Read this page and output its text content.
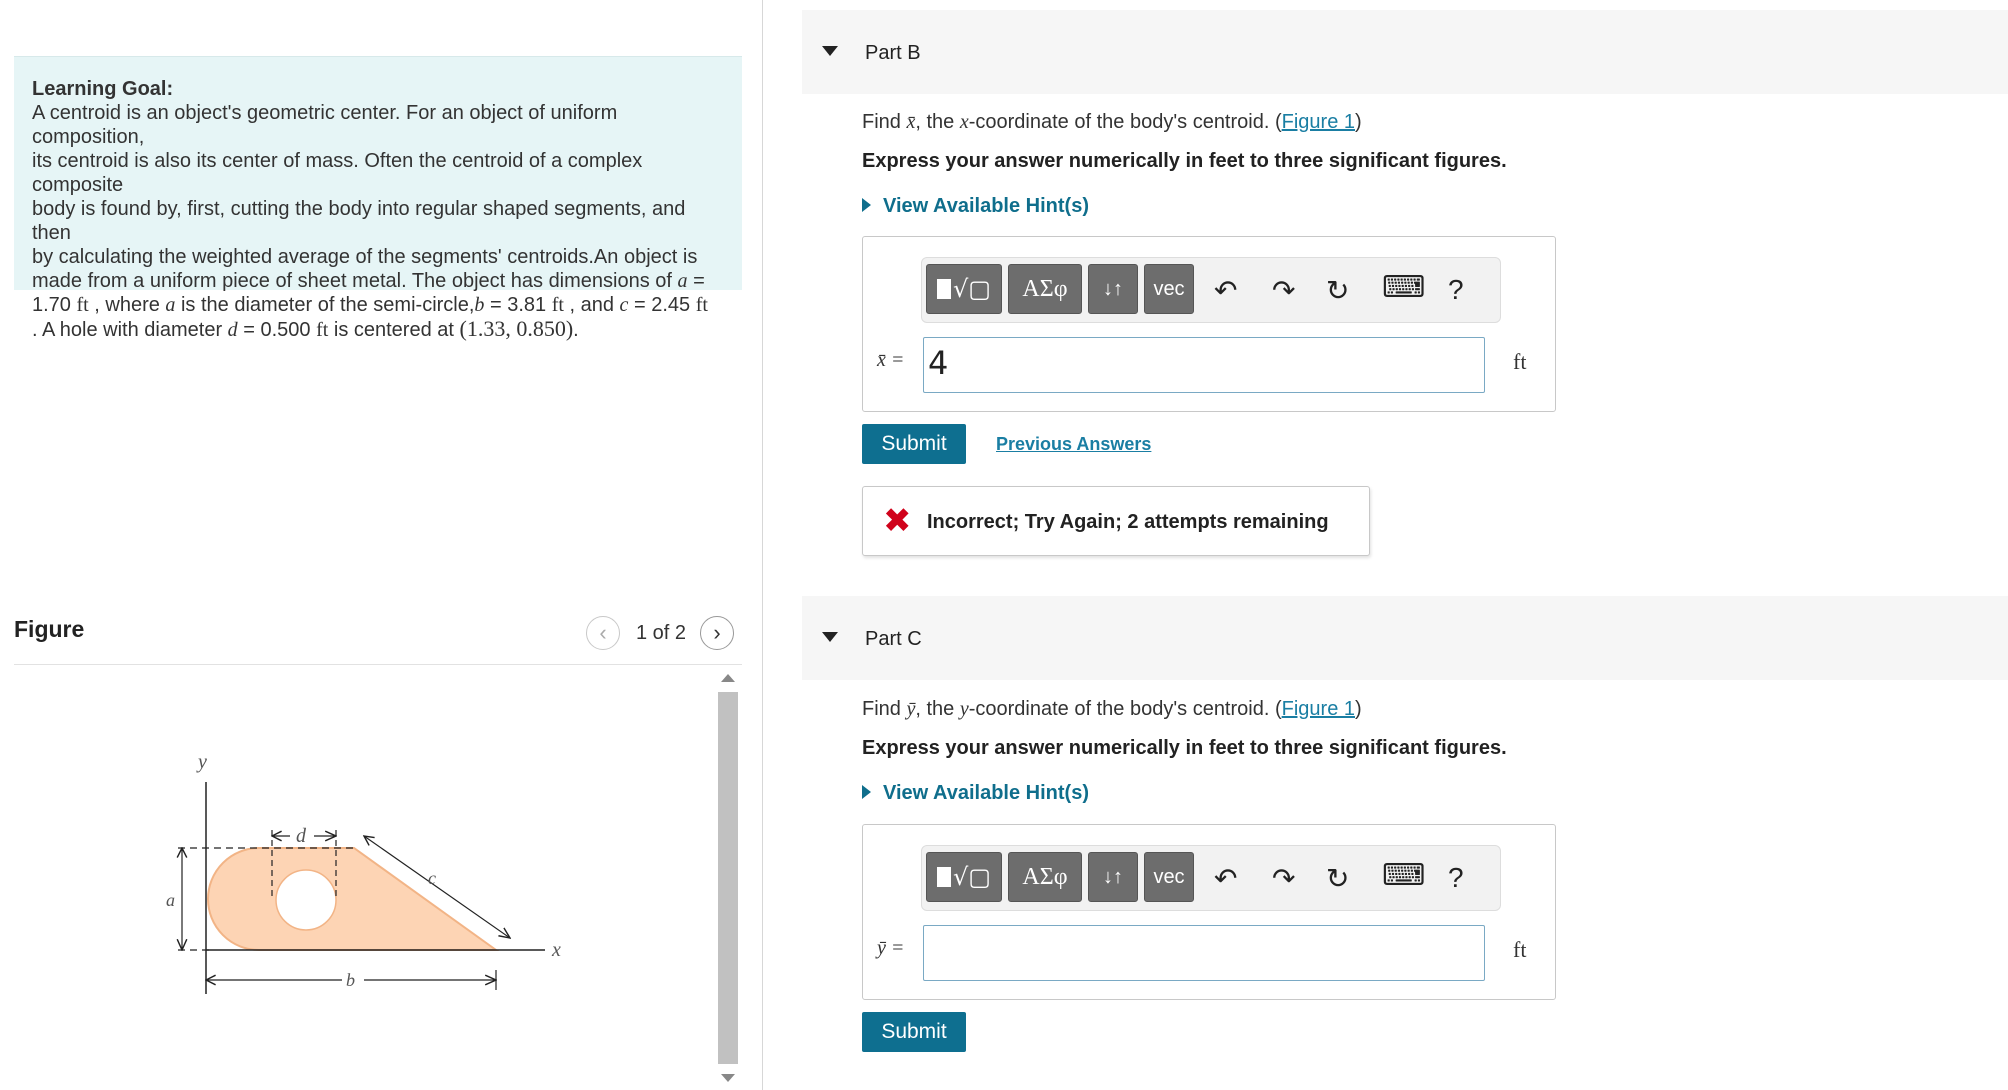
Learning Goal:
A centroid is an object's geometric center. For an object of uniform composition,
its centroid is also its center of mass. Often the centroid of a complex composite
body is found by, first, cutting the body into regular shaped segments, and then
by calculating the weighted average of the segments' centroids.An object is
made from a uniform piece of sheet metal. The object has dimensions of a =
1.70 ft , where a is the diameter of the semi-circle,b = 3.81 ft , and c = 2.45 ft
. A hole with diameter d = 0.500 ft is centered at (1.33, 0.850).
Figure	‹ 1 of 2 ›
y
x
a
d
c
b
Part B
Find x̄, the x-coordinate of the body's centroid. (Figure 1)
Express your answer numerically in feet to three significant figures.
View Available Hint(s)
√▢	ΑΣφ	↓↑	vec	↶ ↷ ↻ ⌨ ?
x̄ = 4	ft
Submit	Previous Answers
✖ Incorrect; Try Again; 2 attempts remaining
Part C
Find ȳ, the y-coordinate of the body's centroid. (Figure 1)
Express your answer numerically in feet to three significant figures.
View Available Hint(s)
√▢	ΑΣφ	↓↑	vec	↶ ↷ ↻ ⌨ ?
ȳ =	ft
Submit
